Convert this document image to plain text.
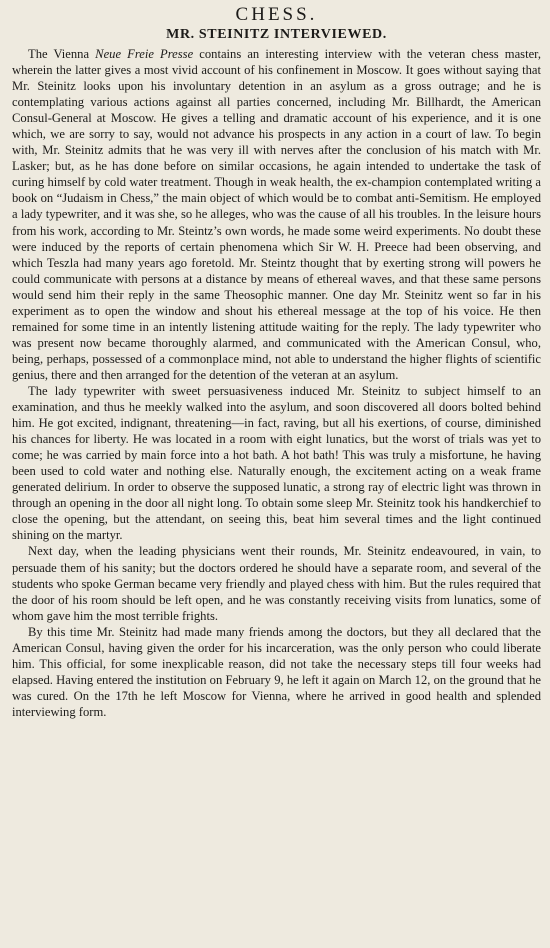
CHESS.
MR. STEINITZ INTERVIEWED.

The Vienna Neue Freie Presse contains an interesting interview with the veteran chess master, wherein the latter gives a most vivid account of his confinement in Moscow. It goes without saying that Mr. Steinitz looks upon his involuntary detention in an asylum as a gross outrage; and he is contemplating various actions against all parties concerned, including Mr. Billhardt, the American Consul-General at Moscow. He gives a telling and dramatic account of his experience, and it is one which, we are sorry to say, would not advance his prospects in any action in a court of law. To begin with, Mr. Steinitz admits that he was very ill with nerves after the conclusion of his match with Mr. Lasker; but, as he has done before on similar occasions, he again intended to undertake the task of curing himself by cold water treatment. Though in weak health, the ex-champion contemplated writing a book on “Judaism in Chess,” the main object of which would be to combat anti-Semitism. He employed a lady typewriter, and it was she, so he alleges, who was the cause of all his troubles. In the leisure hours from his work, according to Mr. Steintz’s own words, he made some weird experiments. No doubt these were induced by the reports of certain phenomena which Sir W. H. Preece had been observing, and which Teszla had many years ago foretold. Mr. Steintz thought that by exerting strong will powers he could communicate with persons at a distance by means of ethereal waves, and that these same persons would send him their reply in the same Theosophic manner. One day Mr. Steinitz went so far in his experiment as to open the window and shout his ethereal message at the top of his voice. He then remained for some time in an intently listening attitude waiting for the reply. The lady typewriter who was present now became thoroughly alarmed, and communicated with the American Consul, who, being, perhaps, possessed of a commonplace mind, not able to understand the higher flights of scientific genius, there and then arranged for the detention of the veteran at an asylum.

The lady typewriter with sweet persuasiveness induced Mr. Steinitz to subject himself to an examination, and thus he meekly walked into the asylum, and soon discovered all doors bolted behind him. He got excited, indignant, threatening—in fact, raving, but all his exertions, of course, diminished his chances for liberty. He was located in a room with eight lunatics, but the worst of trials was yet to come; he was carried by main force into a hot bath. A hot bath! This was truly a misfortune, he having been used to cold water and nothing else. Naturally enough, the excitement acting on a weak frame generated delirium. In order to observe the supposed lunatic, a strong ray of electric light was thrown in through an opening in the door all night long. To obtain some sleep Mr. Steinitz took his handkerchief to close the opening, but the attendant, on seeing this, beat him several times and the light continued shining on the martyr.

Next day, when the leading physicians went their rounds, Mr. Steinitz endeavoured, in vain, to persuade them of his sanity; but the doctors ordered he should have a separate room, and several of the students who spoke German became very friendly and played chess with him. But the rules required that the door of his room should be left open, and he was constantly receiving visits from lunatics, some of whom gave him the most terrible frights.

By this time Mr. Steinitz had made many friends among the doctors, but they all declared that the American Consul, having given the order for his incarceration, was the only person who could liberate him. This official, for some inexplicable reason, did not take the necessary steps till four weeks had elapsed. Having entered the institution on February 9, he left it again on March 12, on the ground that he was cured. On the 17th he left Moscow for Vienna, where he arrived in good health and splended interviewing form.
